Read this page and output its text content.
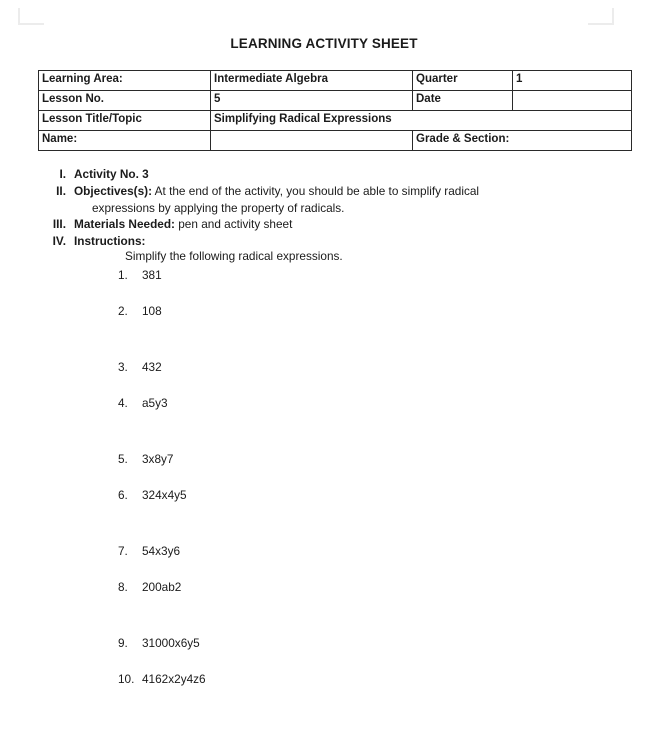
LEARNING ACTIVITY SHEET
Learning Area:	Intermediate Algebra	Quarter	1
Lesson No.	5	Date	
Lesson Title/Topic	Simplifying Radical Expressions		
Name:		Grade & Section:	
I. Activity No. 3
II. Objectives(s): At the end of the activity, you should be able to simplify radical
expressions by applying the property of radicals.
III. Materials Needed: pen and activity sheet
IV. Instructions:
Simplify the following radical expressions.
1.	381
2.	108
3.	432
4.	a5y3
5.	3x8y7
6.	324x4y5
7.	54x3y6
8.	200ab2
9.	31000x6y5
10. 4162x2y4z6
